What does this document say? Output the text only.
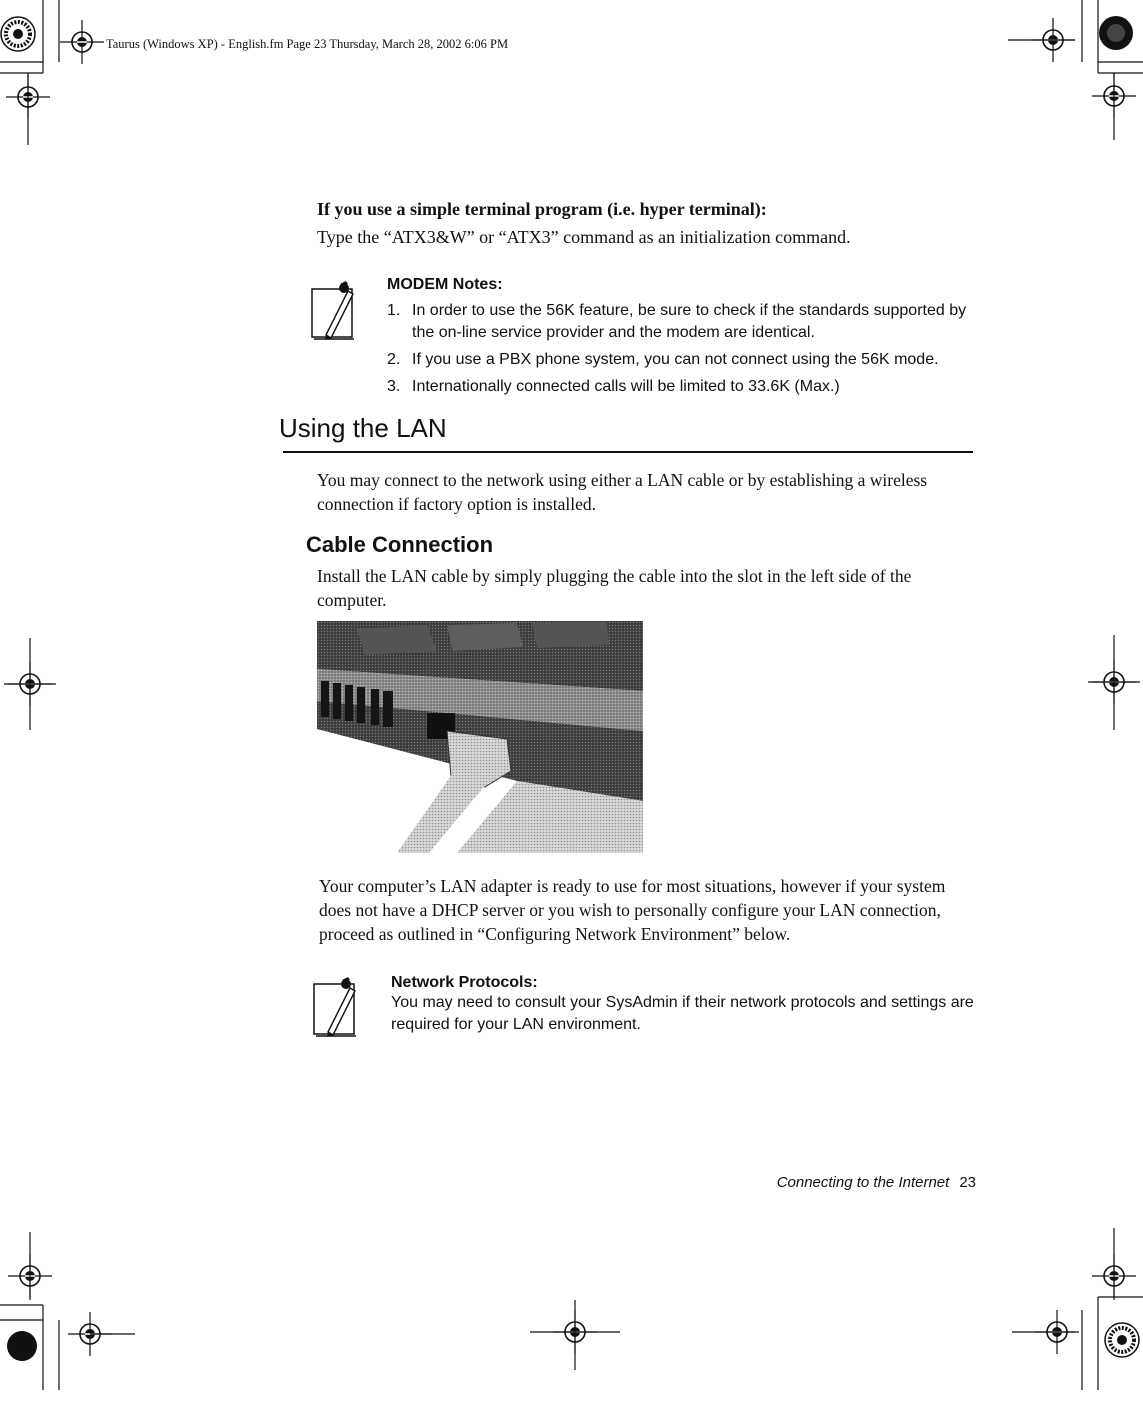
Taurus (Windows XP) - English.fm Page 23 Thursday, March 28, 2002 6:06 PM
If you use a simple terminal program (i.e. hyper terminal):
Type the “ATX3&W” or “ATX3” command as an initialization command.
MODEM Notes:
1. In order to use the 56K feature, be sure to check if the standards supported by the on-line service provider and the modem are identical.
2. If you use a PBX phone system, you can not connect using the 56K mode.
3. Internationally connected calls will be limited to 33.6K (Max.)
Using the LAN
You may connect to the network using either a LAN cable or by establishing a wireless connection if factory option is installed.
Cable Connection
Install the LAN cable by simply plugging the cable into the slot in the left side of the computer.
Your computer’s LAN adapter is ready to use for most situations, however if your system does not have a DHCP server or you wish to personally configure your LAN connection, proceed as outlined in “Configuring Network Environment” below.
Network Protocols:
You may need to consult your SysAdmin if their network protocols and settings are required for your LAN environment.
Connecting to the Internet 23
